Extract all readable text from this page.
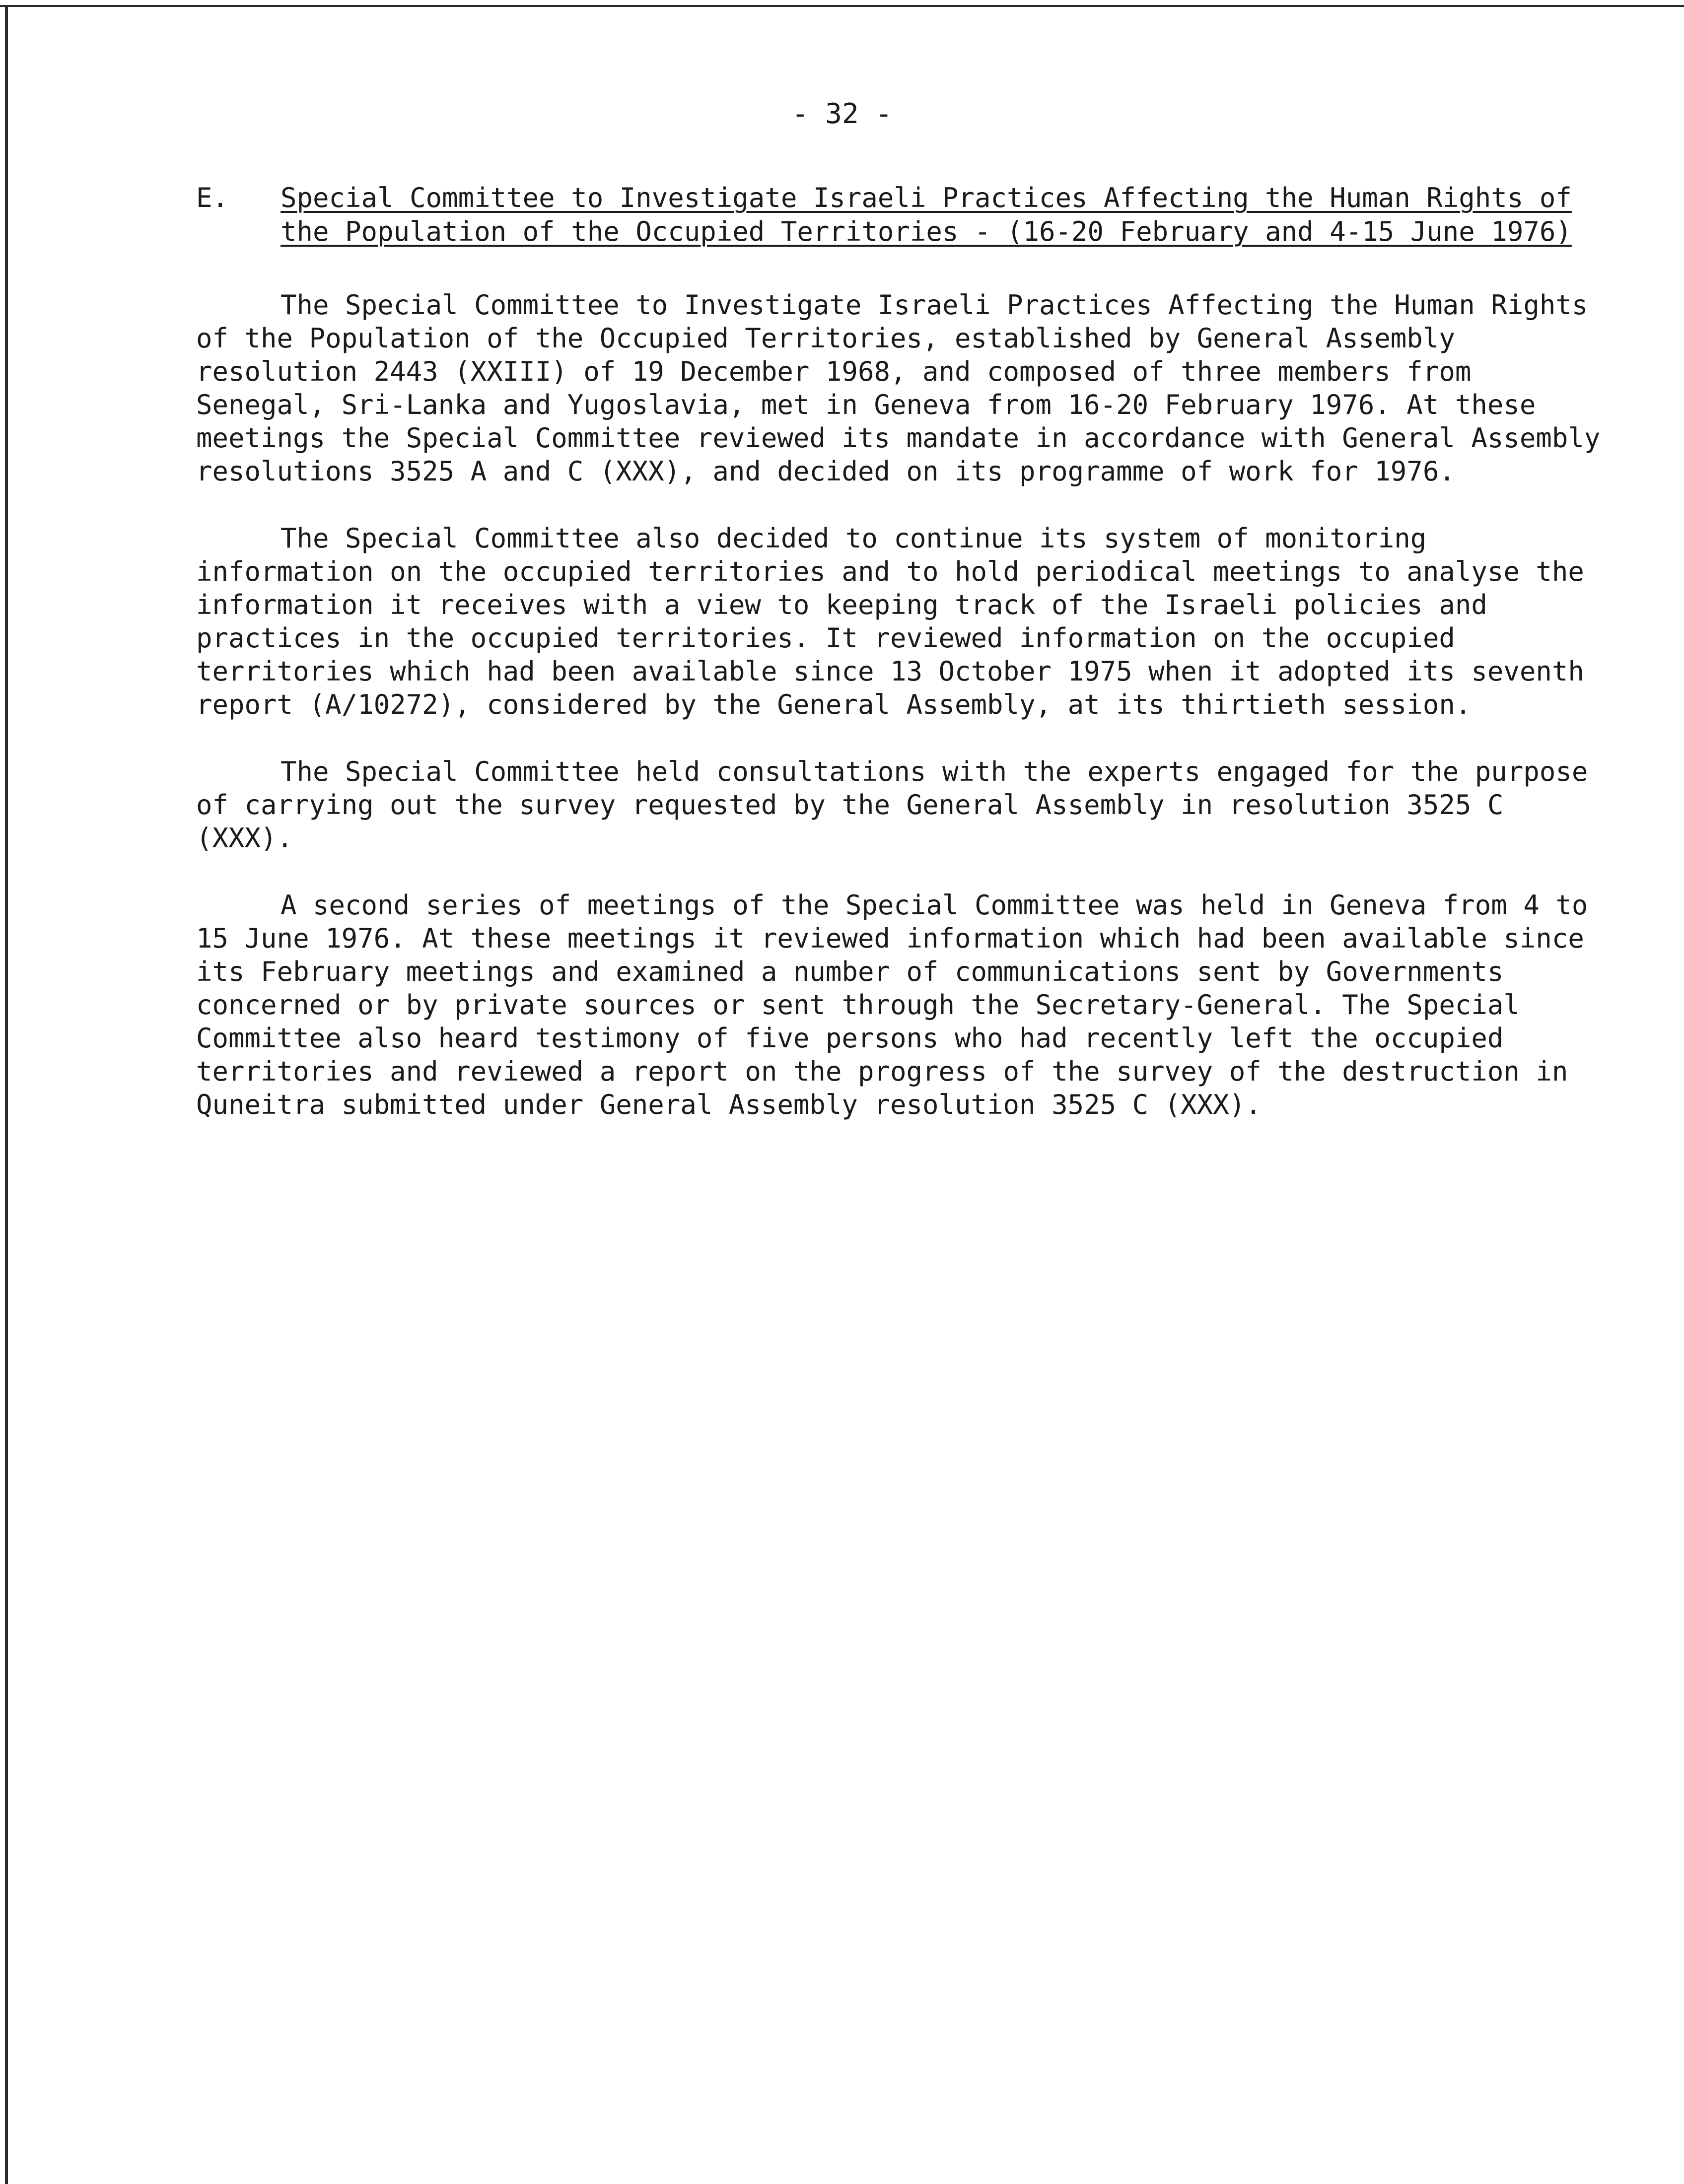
- 32 -
E. Special Committee to Investigate Israeli Practices Affecting the Human Rights of the Population of the Occupied Territories - (16-20 February and 4-15 June 1976)

The Special Committee to Investigate Israeli Practices Affecting the Human Rights of the Population of the Occupied Territories, established by General Assembly resolution 2443 (XXIII) of 19 December 1968, and composed of three members from Senegal, Sri-Lanka and Yugoslavia, met in Geneva from 16-20 February 1976. At these meetings the Special Committee reviewed its mandate in accordance with General Assembly resolutions 3525 A and C (XXX), and decided on its programme of work for 1976.

The Special Committee also decided to continue its system of monitoring information on the occupied territories and to hold periodical meetings to analyse the information it receives with a view to keeping track of the Israeli policies and practices in the occupied territories. It reviewed information on the occupied territories which had been available since 13 October 1975 when it adopted its seventh report (A/10272), considered by the General Assembly, at its thirtieth session.

The Special Committee held consultations with the experts engaged for the purpose of carrying out the survey requested by the General Assembly in resolution 3525 C (XXX).

A second series of meetings of the Special Committee was held in Geneva from 4 to 15 June 1976. At these meetings it reviewed information which had been available since its February meetings and examined a number of communications sent by Governments concerned or by private sources or sent through the Secretary-General. The Special Committee also heard testimony of five persons who had recently left the occupied territories and reviewed a report on the progress of the survey of the destruction in Quneitra submitted under General Assembly resolution 3525 C (XXX).
